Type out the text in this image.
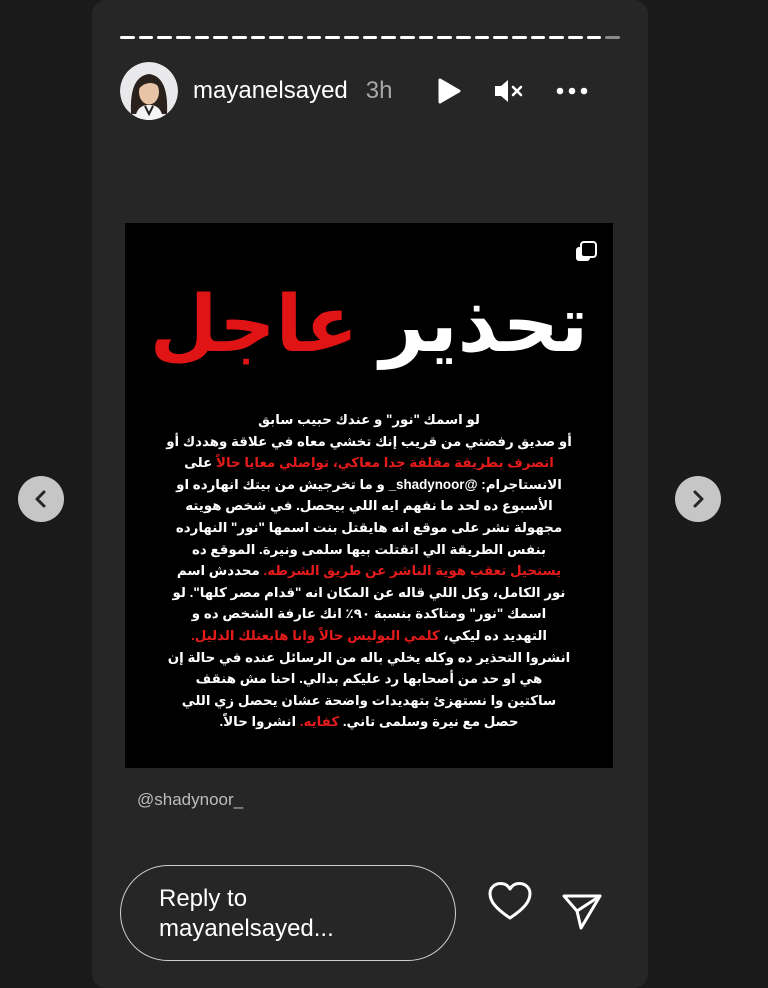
mayanelsayed 3h
تحذير عاجل
لو اسمك "نور" و عندك حبيب سابق
أو صديق رفضتي من قريب إنك تخشي معاه في علاقة وهددك أو
اتصرف بطريقة مقلقة جدا معاكي، تواصلي معايا حالاً على
الانستاجرام: @shadynoor_ و ما تخرجيش من بيتك انهارده او
الأسبوع ده لحد ما نفهم ايه اللي بيحصل. في شخص هويته
مجهولة نشر على موقع انه هايقتل بنت اسمها "نور" النهارده
بنفس الطريقة الي اتقتلت بيها سلمى ونيرة. الموقع ده
يستحيل تعقب هوية الناشر عن طريق الشرطه. محددش اسم
نور الكامل، وكل اللي قاله عن المكان انه "قدام مصر كلها". لو
اسمك "نور" ومتاكدة بنسبة ٩٠٪ انك عارفة الشخص ده و
التهديد ده ليكي، كلمي البوليس حالاً وانا هابعتلك الدليل.
انشروا التحذير ده وكله يخلي باله من الرسائل عنده في حالة إن
هي او حد من أصحابها رد عليكم بدالي. احنا مش هنقف
ساكتين وا نستهزئ بتهديدات واضحة عشان يحصل زي اللي
حصل مع نيرة وسلمى تاني. كفايه. انشروا حالاً.
@shadynoor_
Reply to
mayanelsayed...
